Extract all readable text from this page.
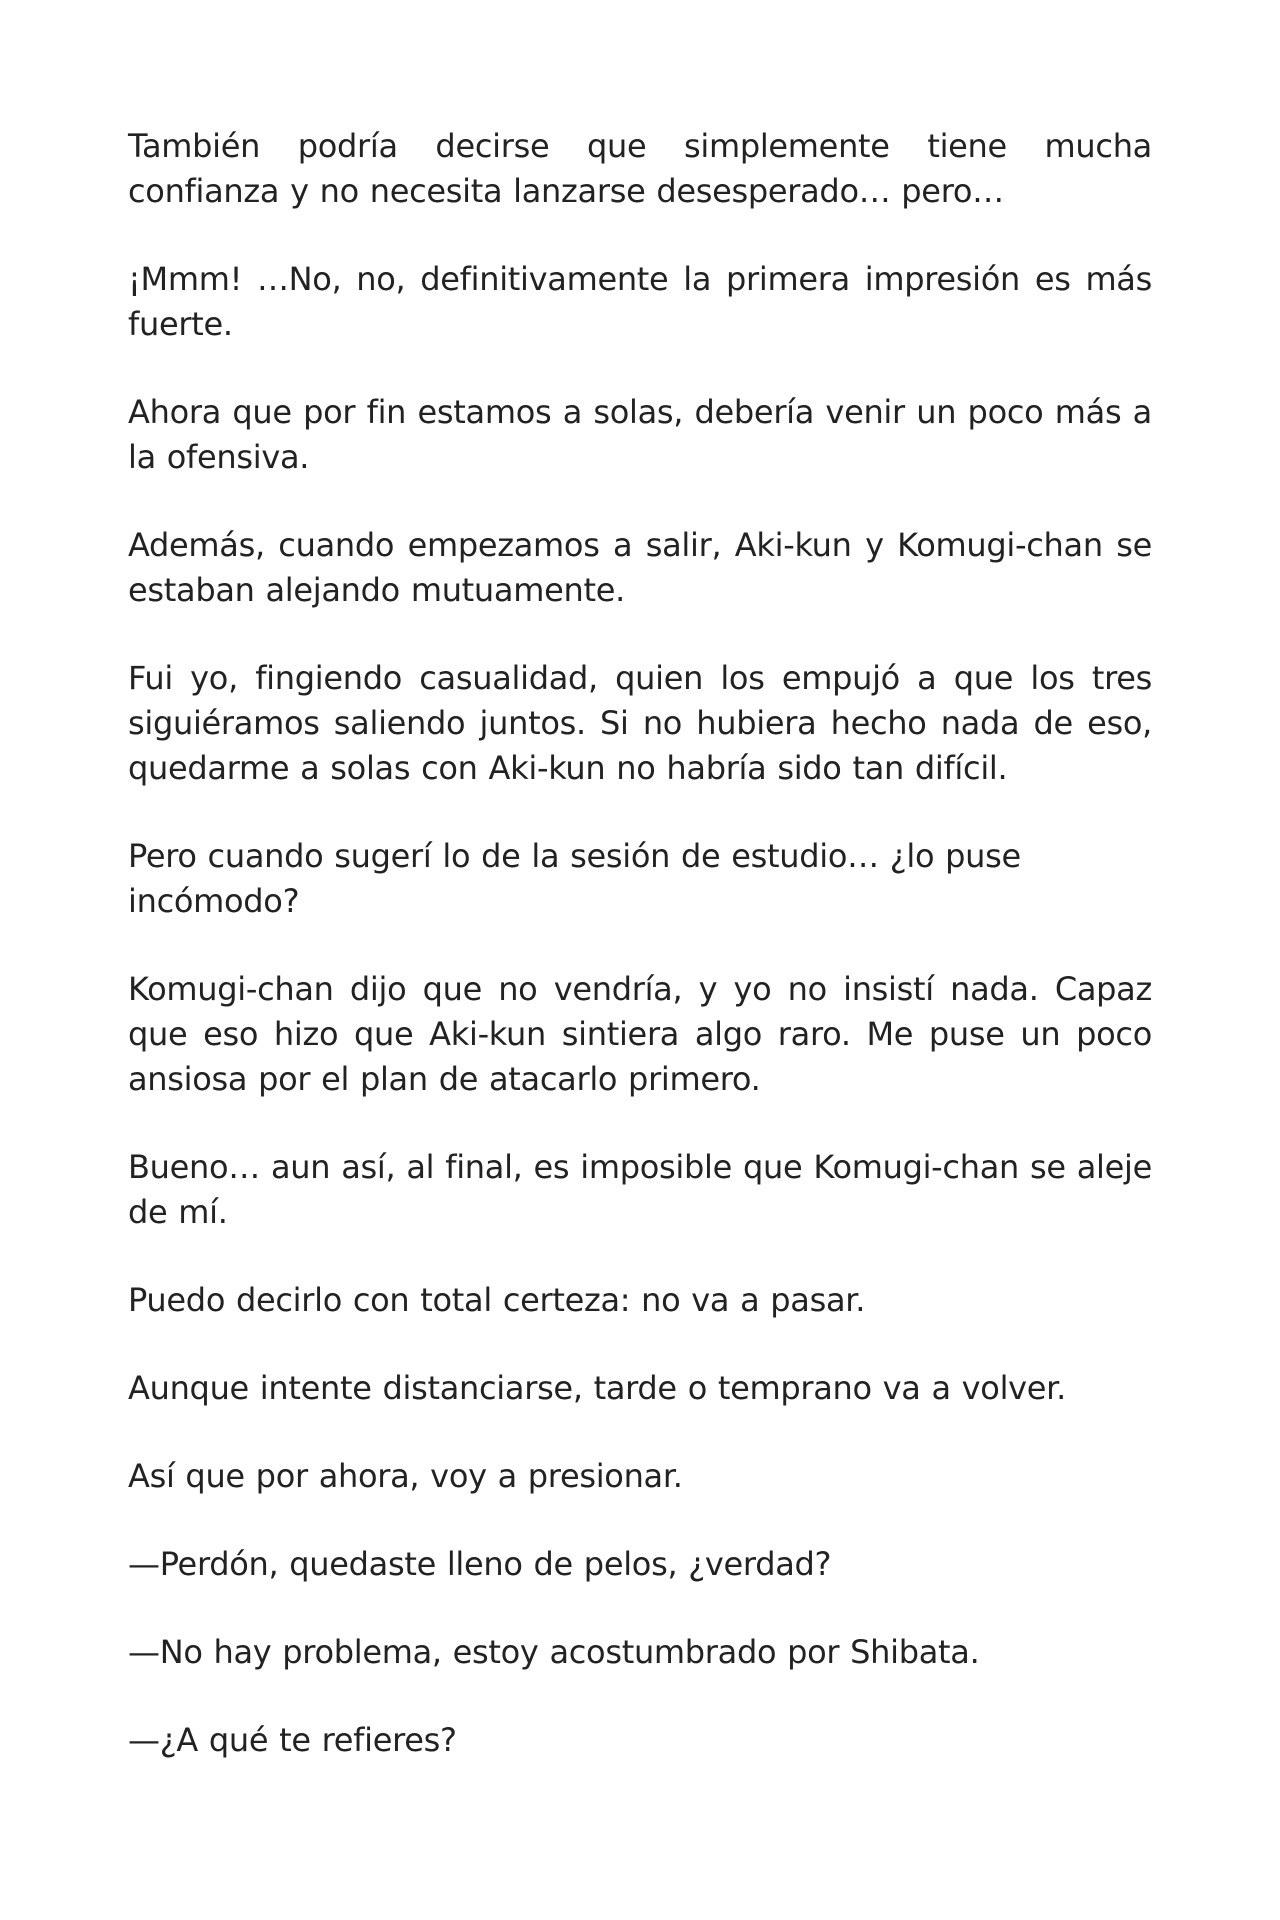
También podría decirse que simplemente tiene mucha confianza y no necesita lanzarse desesperado… pero…

¡Mmm! …No, no, definitivamente la primera impresión es más fuerte.

Ahora que por fin estamos a solas, debería venir un poco más a la ofensiva.

Además, cuando empezamos a salir, Aki-kun y Komugi-chan se estaban alejando mutuamente.

Fui yo, fingiendo casualidad, quien los empujó a que los tres siguiéramos saliendo juntos. Si no hubiera hecho nada de eso, quedarme a solas con Aki-kun no habría sido tan difícil.

Pero cuando sugerí lo de la sesión de estudio… ¿lo puse incómodo?

Komugi-chan dijo que no vendría, y yo no insistí nada. Capaz que eso hizo que Aki-kun sintiera algo raro. Me puse un poco ansiosa por el plan de atacarlo primero.

Bueno… aun así, al final, es imposible que Komugi-chan se aleje de mí.

Puedo decirlo con total certeza: no va a pasar.

Aunque intente distanciarse, tarde o temprano va a volver.

Así que por ahora, voy a presionar.

—Perdón, quedaste lleno de pelos, ¿verdad?

—No hay problema, estoy acostumbrado por Shibata.

—¿A qué te refieres?
